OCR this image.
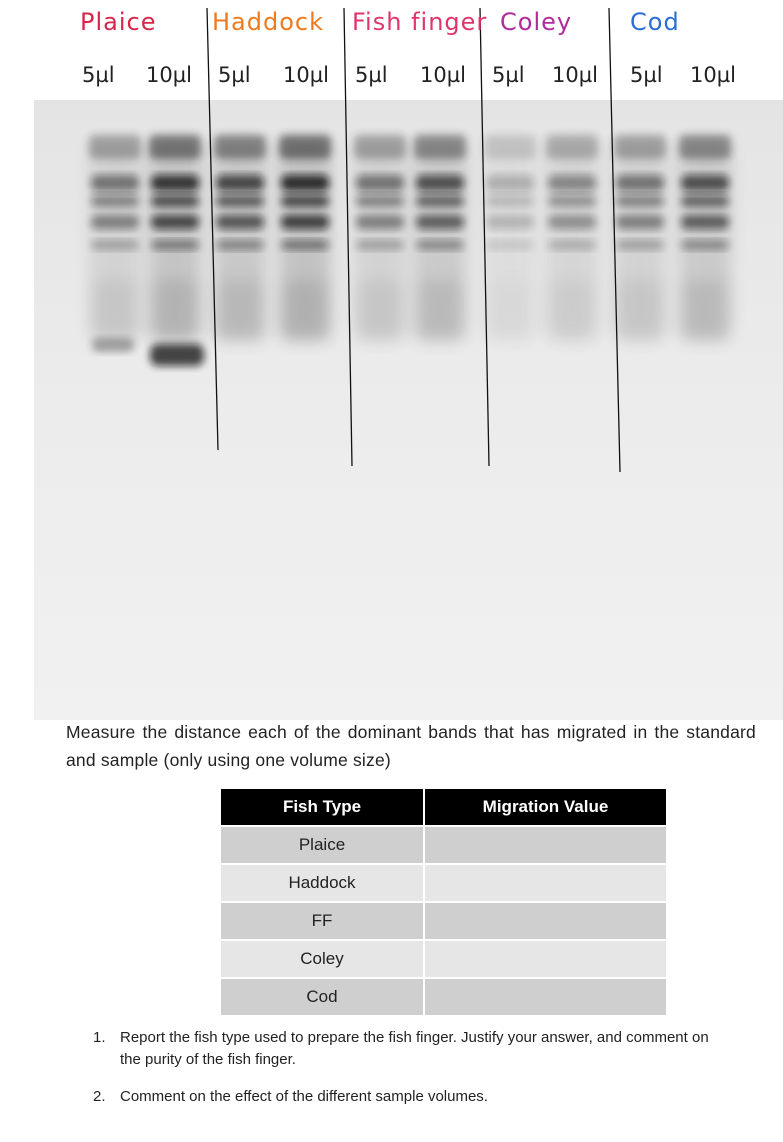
Plaice Haddock Fish finger Coley Cod
5µl 10µl 5µl 10µl 5µl 10µl 5µl 10µl 5µl 10µl
Measure the distance each of the dominant bands that has migrated in the standard and sample (only using one volume size)
Fish Type	Migration Value
Plaice	
Haddock	
FF	
Coley	
Cod	
1. Report the fish type used to prepare the fish finger. Justify your answer, and comment on the purity of the fish finger.
2. Comment on the effect of the different sample volumes.
